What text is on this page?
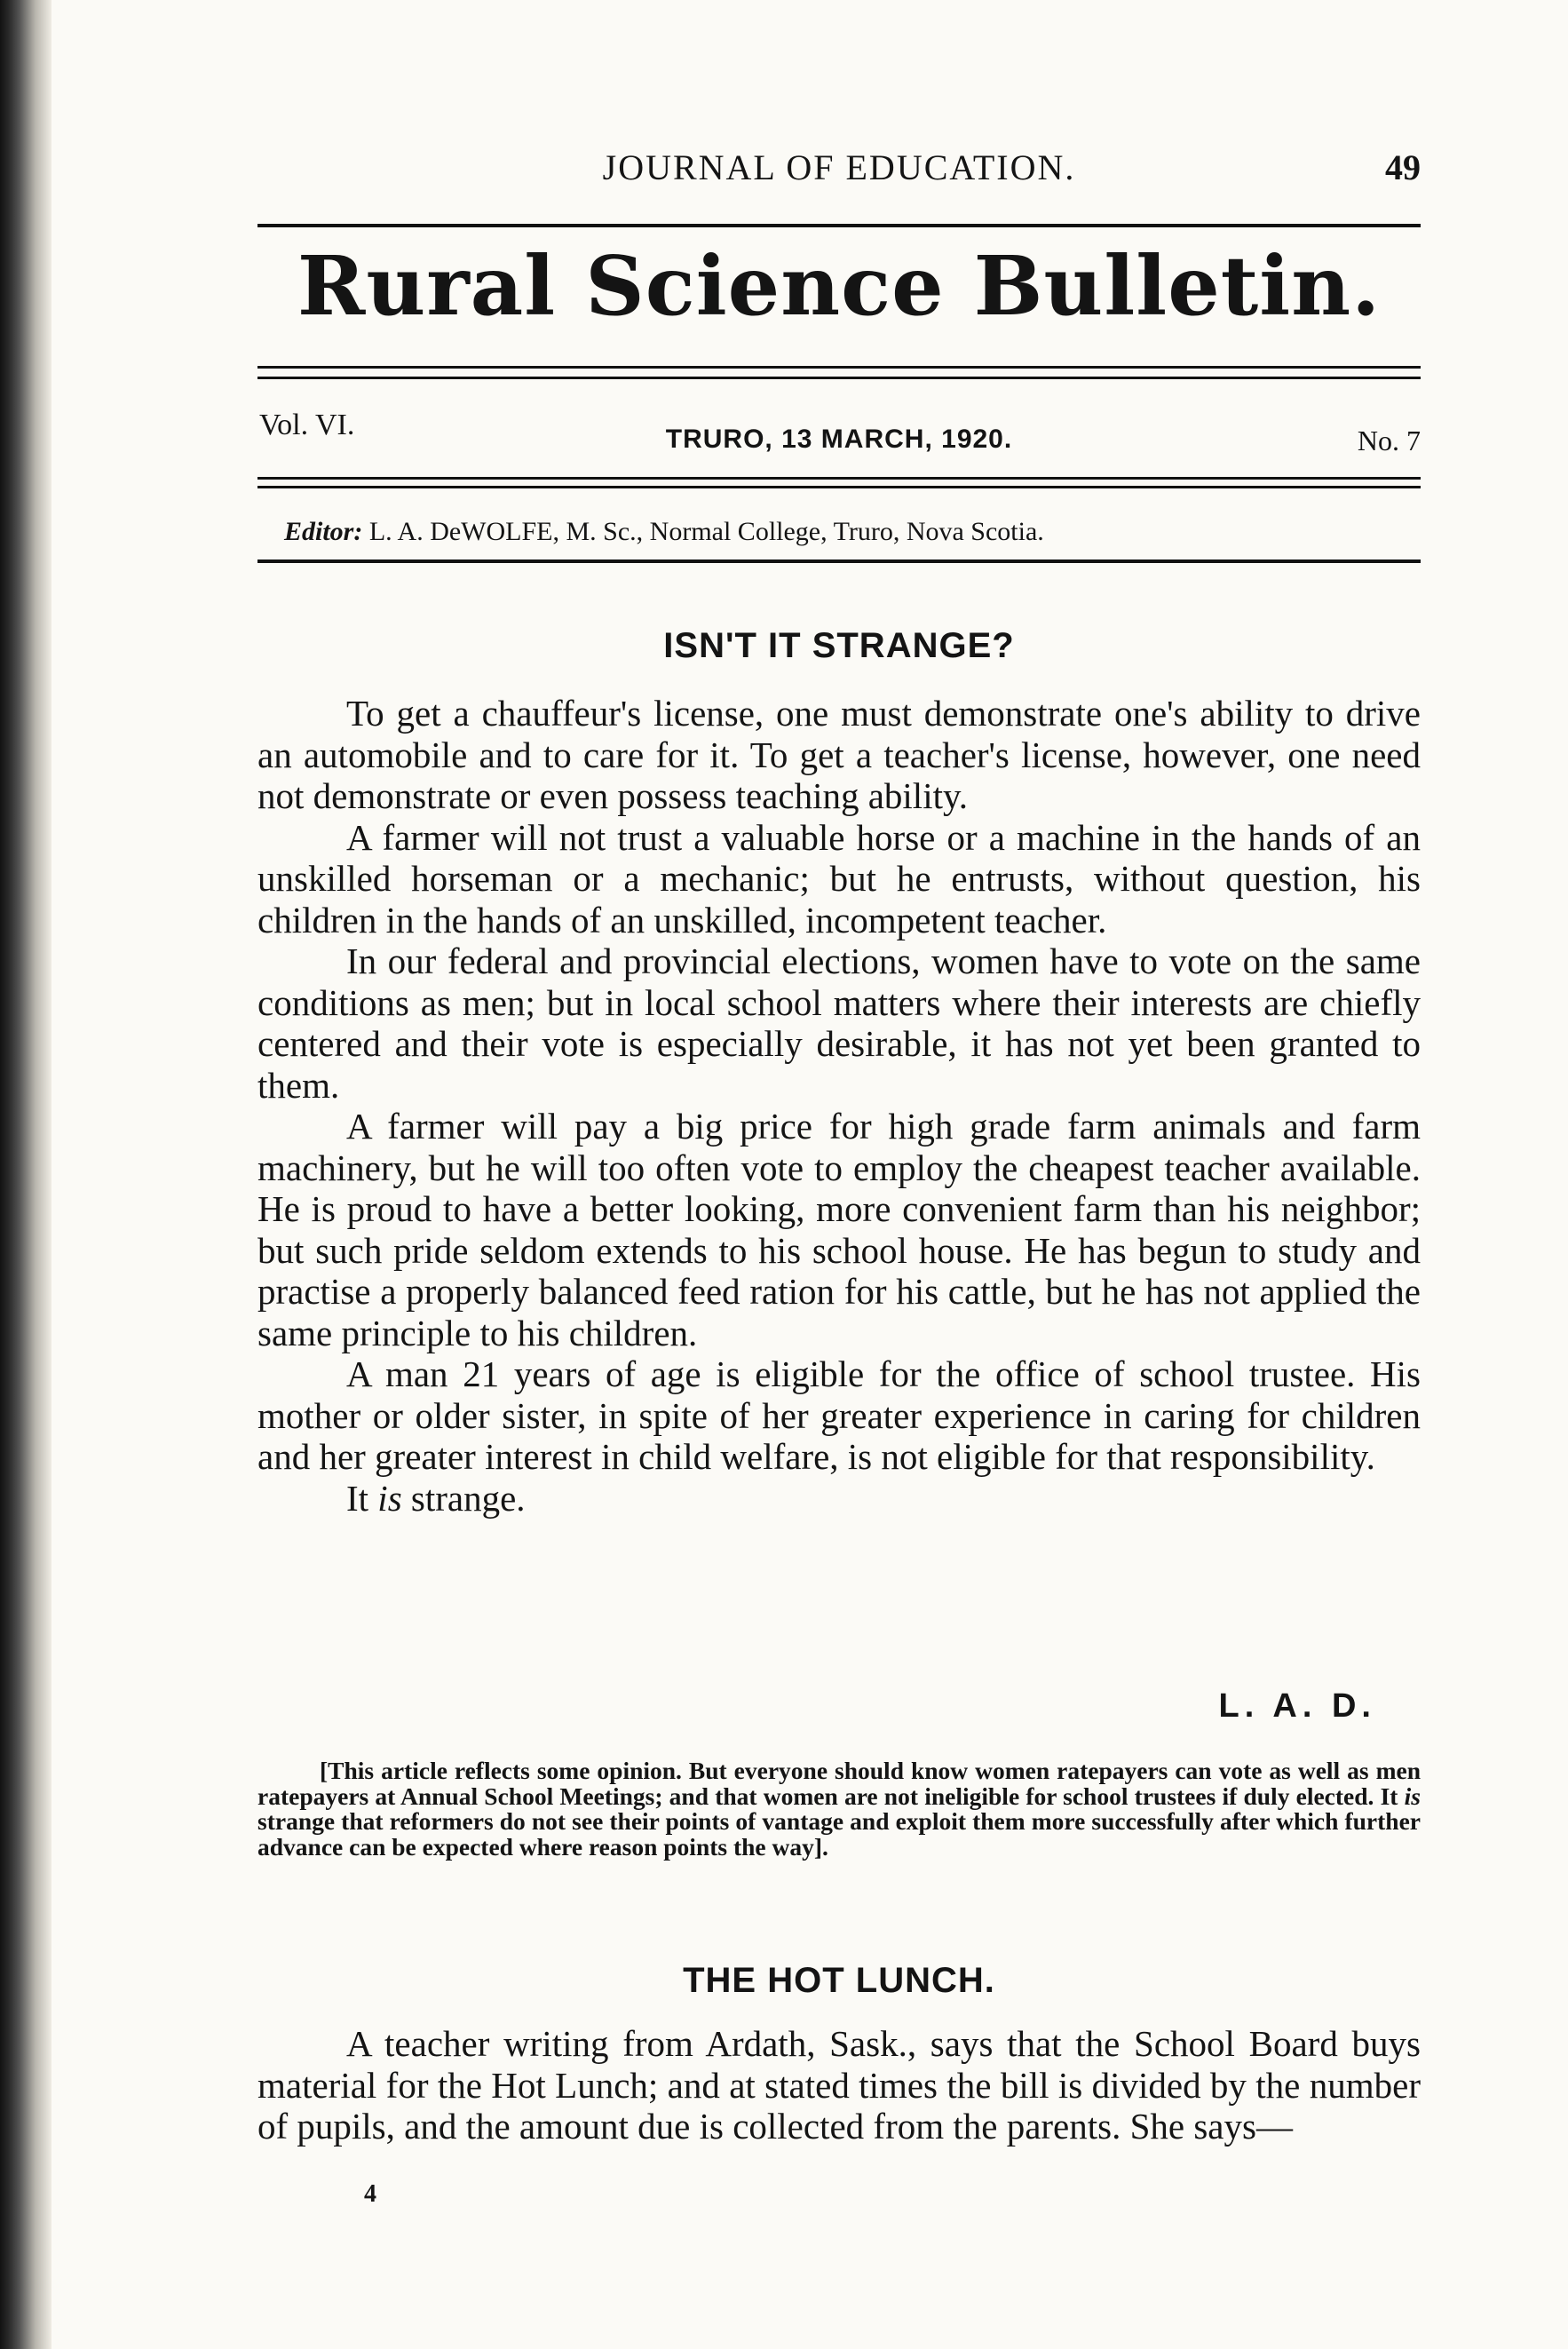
JOURNAL OF EDUCATION.	49
Rural Science Bulletin.
Vol. VI.	TRURO, 13 MARCH, 1920.	No. 7
Editor: L. A. DeWOLFE, M. Sc., Normal College, Truro, Nova Scotia.
ISN'T IT STRANGE?

To get a chauffeur's license, one must demonstrate one's ability to drive an automobile and to care for it. To get a teacher's license, however, one need not demonstrate or even possess teaching ability.

A farmer will not trust a valuable horse or a machine in the hands of an unskilled horseman or a mechanic; but he entrusts, without question, his children in the hands of an unskilled, incompetent teacher.

In our federal and provincial elections, women have to vote on the same conditions as men; but in local school matters where their interests are chiefly centered and their vote is especially desirable, it has not yet been granted to them.

A farmer will pay a big price for high grade farm animals and farm machinery, but he will too often vote to employ the cheapest teacher available. He is proud to have a better looking, more convenient farm than his neighbor; but such pride seldom extends to his school house. He has begun to study and practise a properly balanced feed ration for his cattle, but he has not applied the same principle to his children.

A man 21 years of age is eligible for the office of school trustee. His mother or older sister, in spite of her greater experience in caring for children and her greater interest in child welfare, is not eligible for that responsibility.

It is strange.

L. A. D.

[This article reflects some opinion. But everyone should know women ratepayers can vote as well as men ratepayers at Annual School Meetings; and that women are not ineligible for school trustees if duly elected. It is strange that reformers do not see their points of vantage and exploit them more successfully after which further advance can be expected where reason points the way].

THE HOT LUNCH.

A teacher writing from Ardath, Sask., says that the School Board buys material for the Hot Lunch; and at stated times the bill is divided by the number of pupils, and the amount due is collected from the parents. She says—

4
